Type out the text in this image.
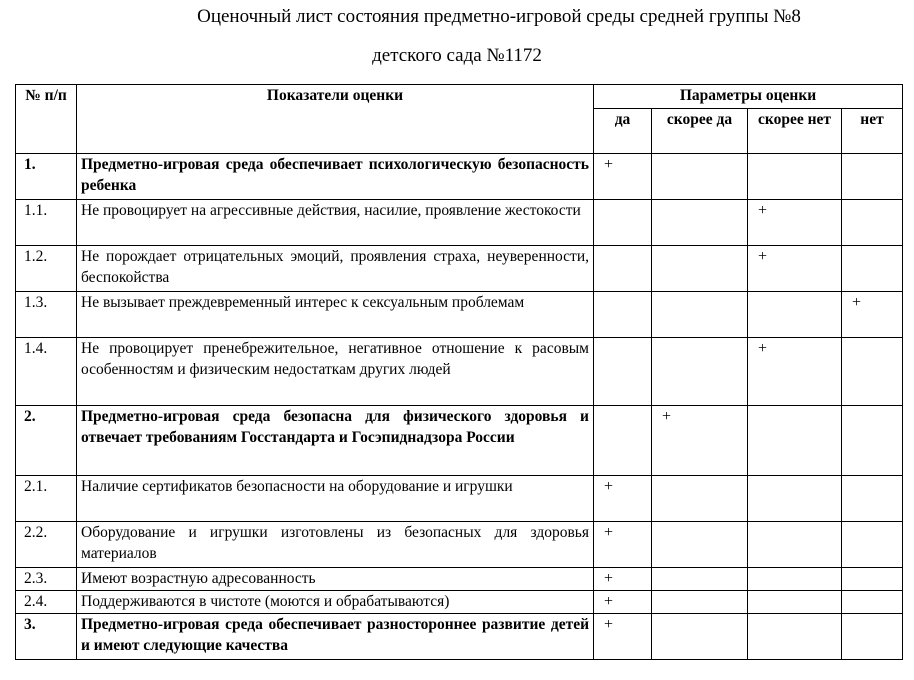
Оценочный лист состояния предметно-игровой среды средней группы №8
детского сада №1172
№ п/п	Показатели оценки	Параметры оценки			
		да	скорее да	скорее нет	нет
1.	Предметно-игровая среда обеспечивает психологическую безопасность ребенка	+			
1.1.	Не провоцирует на агрессивные действия, насилие, проявление жестокости			+	
1.2.	Не порождает отрицательных эмоций, проявления страха, неуверенности, беспокойства			+	
1.3.	Не вызывает преждевременный интерес к сексуальным проблемам				+
1.4.	Не провоцирует пренебрежительное, негативное отношение к расовым особенностям и физическим недостаткам других людей			+	
2.	Предметно-игровая среда безопасна для физического здоровья и отвечает требованиям Госстандарта и Госэпиднадзора России		+		
2.1.	Наличие сертификатов безопасности на оборудование и игрушки	+			
2.2.	Оборудование и игрушки изготовлены из безопасных для здоровья материалов	+			
2.3.	Имеют возрастную адресованность	+			
2.4.	Поддерживаются в чистоте (моются и обрабатываются)	+			
3.	Предметно-игровая среда обеспечивает разностороннее развитие детей и имеют следующие качества	+			
